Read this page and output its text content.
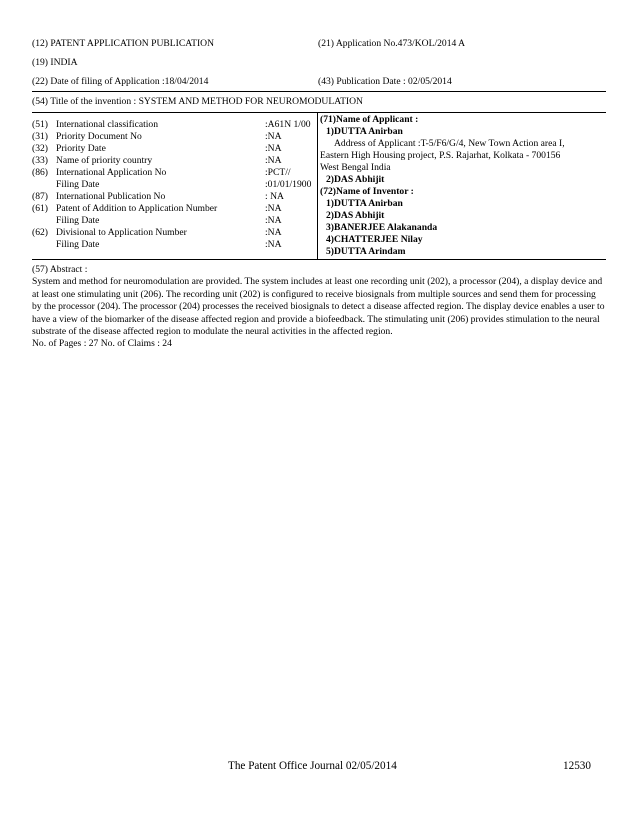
(12) PATENT APPLICATION PUBLICATION	(21) Application No.473/KOL/2014 A
(19) INDIA
(22) Date of filing of Application :18/04/2014	(43) Publication Date : 02/05/2014
(54) Title of the invention : SYSTEM AND METHOD FOR NEUROMODULATION
(51) International classification	:A61N 1/00
(31) Priority Document No	:NA
(32) Priority Date	:NA
(33) Name of priority country	:NA
(86) International Application No	:PCT//
Filing Date	:01/01/1900
(87) International Publication No	: NA
(61) Patent of Addition to Application Number	:NA
Filing Date	:NA
(62) Divisional to Application Number	:NA
Filing Date	:NA
(71)Name of Applicant :
1)DUTTA Anirban
Address of Applicant :T-5/F6/G/4, New Town Action area I,
Eastern High Housing project, P.S. Rajarhat, Kolkata - 700156
West Bengal India
2)DAS Abhijit
(72)Name of Inventor :
1)DUTTA Anirban
2)DAS Abhijit
3)BANERJEE Alakananda
4)CHATTERJEE Nilay
5)DUTTA Arindam

(57) Abstract :

System and method for neuromodulation are provided. The system includes at least one recording unit (202), a processor (204), a display device and at least one stimulating unit (206). The recording unit (202) is configured to receive biosignals from multiple sources and send them for processing by the processor (204). The processor (204) processes the received biosignals to detect a disease affected region. The display device enables a user to have a view of the biomarker of the disease affected region and provide a biofeedback. The stimulating unit (206) provides stimulation to the neural substrate of the disease affected region to modulate the neural activities in the affected region.

No. of Pages : 27 No. of Claims : 24

The Patent Office Journal 02/05/2014	12530
